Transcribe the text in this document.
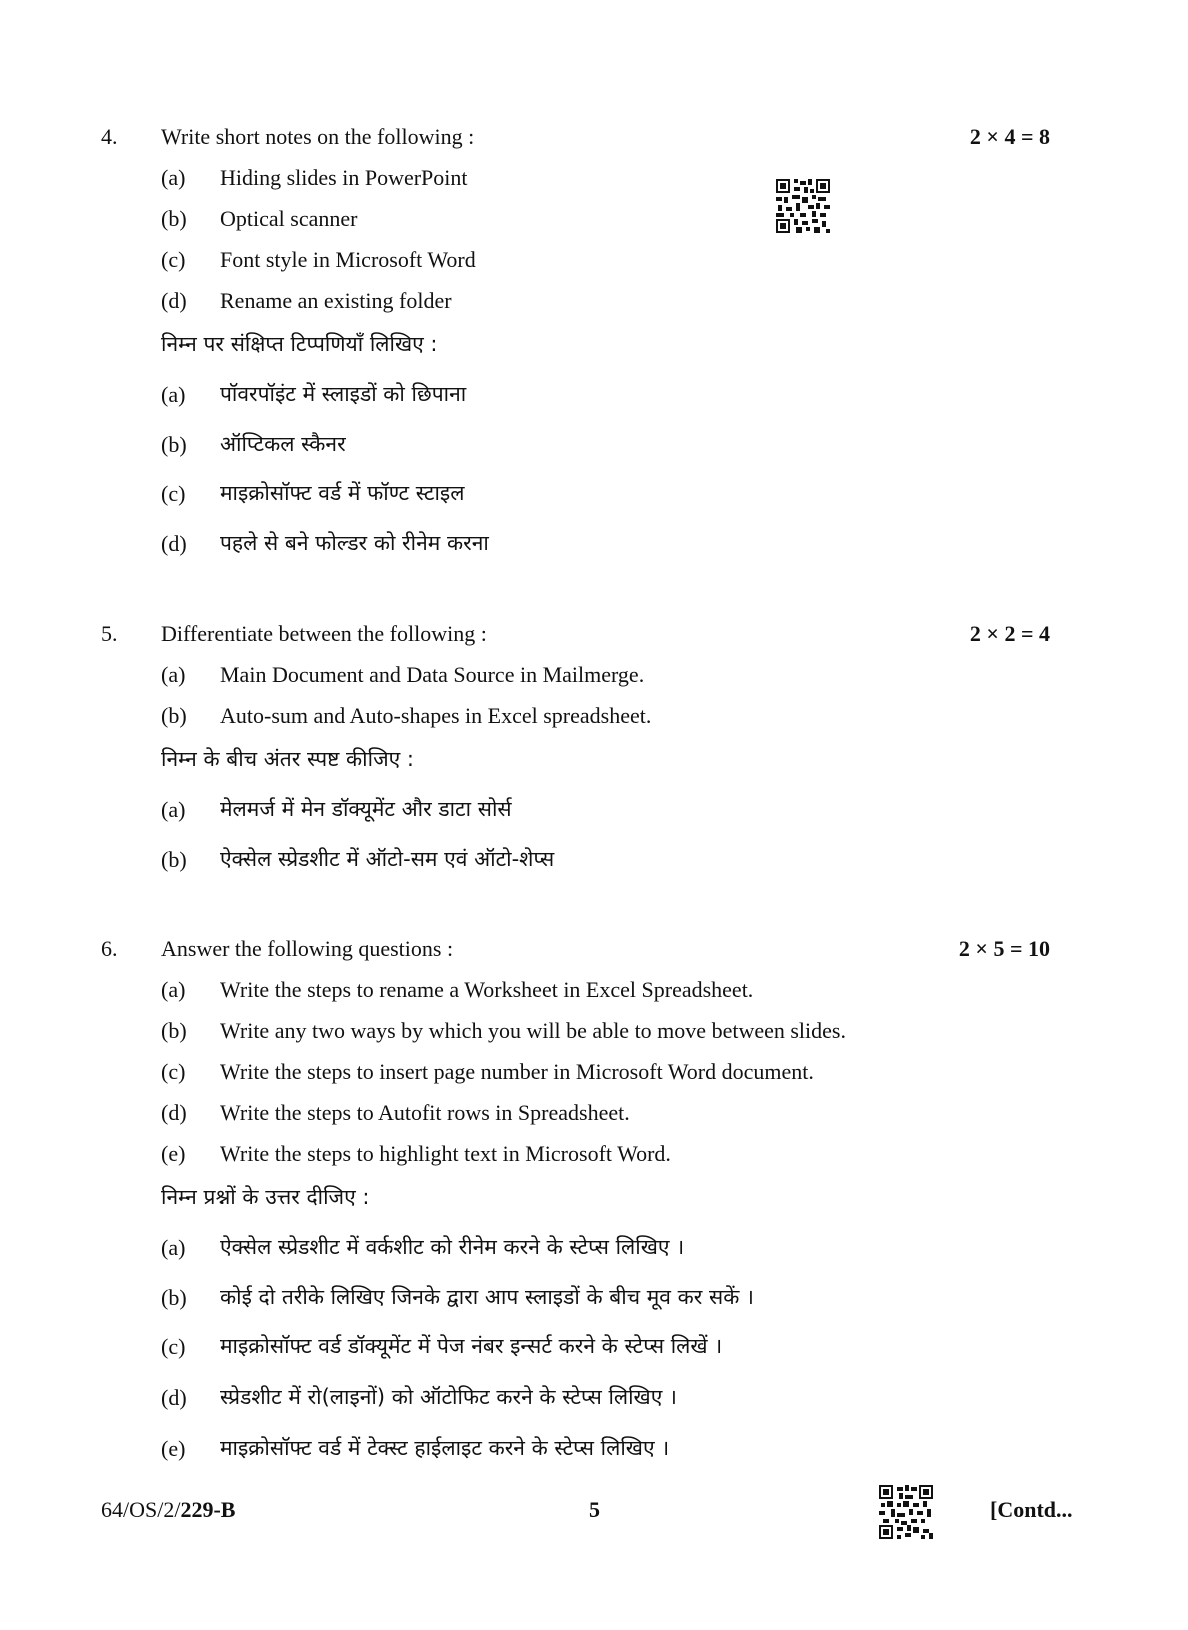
4. Write short notes on the following :	2 × 4 = 8
(a) Hiding slides in PowerPoint
(b) Optical scanner
(c) Font style in Microsoft Word
(d) Rename an existing folder
निम्न पर संक्षिप्त टिप्पणियाँ लिखिए :
(a) पॉवरपॉइंट में स्लाइडों को छिपाना
(b) ऑप्टिकल स्कैनर
(c) माइक्रोसॉफ्ट वर्ड में फॉण्ट स्टाइल
(d) पहले से बने फोल्डर को रीनेम करना
5. Differentiate between the following :	2 × 2 = 4
(a) Main Document and Data Source in Mailmerge.
(b) Auto-sum and Auto-shapes in Excel spreadsheet.
निम्न के बीच अंतर स्पष्ट कीजिए :
(a) मेलमर्ज में मेन डॉक्यूमेंट और डाटा सोर्स
(b) ऐक्सेल स्प्रेडशीट में ऑटो-सम एवं ऑटो-शेप्स
6. Answer the following questions :	2 × 5 = 10
(a) Write the steps to rename a Worksheet in Excel Spreadsheet.
(b) Write any two ways by which you will be able to move between slides.
(c) Write the steps to insert page number in Microsoft Word document.
(d) Write the steps to Autofit rows in Spreadsheet.
(e) Write the steps to highlight text in Microsoft Word.
निम्न प्रश्नों के उत्तर दीजिए :
(a) ऐक्सेल स्प्रेडशीट में वर्कशीट को रीनेम करने के स्टेप्स लिखिए ।
(b) कोई दो तरीके लिखिए जिनके द्वारा आप स्लाइडों के बीच मूव कर सकें ।
(c) माइक्रोसॉफ्ट वर्ड डॉक्यूमेंट में पेज नंबर इन्सर्ट करने के स्टेप्स लिखें ।
(d) स्प्रेडशीट में रो(लाइनों) को ऑटोफिट करने के स्टेप्स लिखिए ।
(e) माइक्रोसॉफ्ट वर्ड में टेक्स्ट हाईलाइट करने के स्टेप्स लिखिए ।
64/OS/2/229-B	5	[Contd...
